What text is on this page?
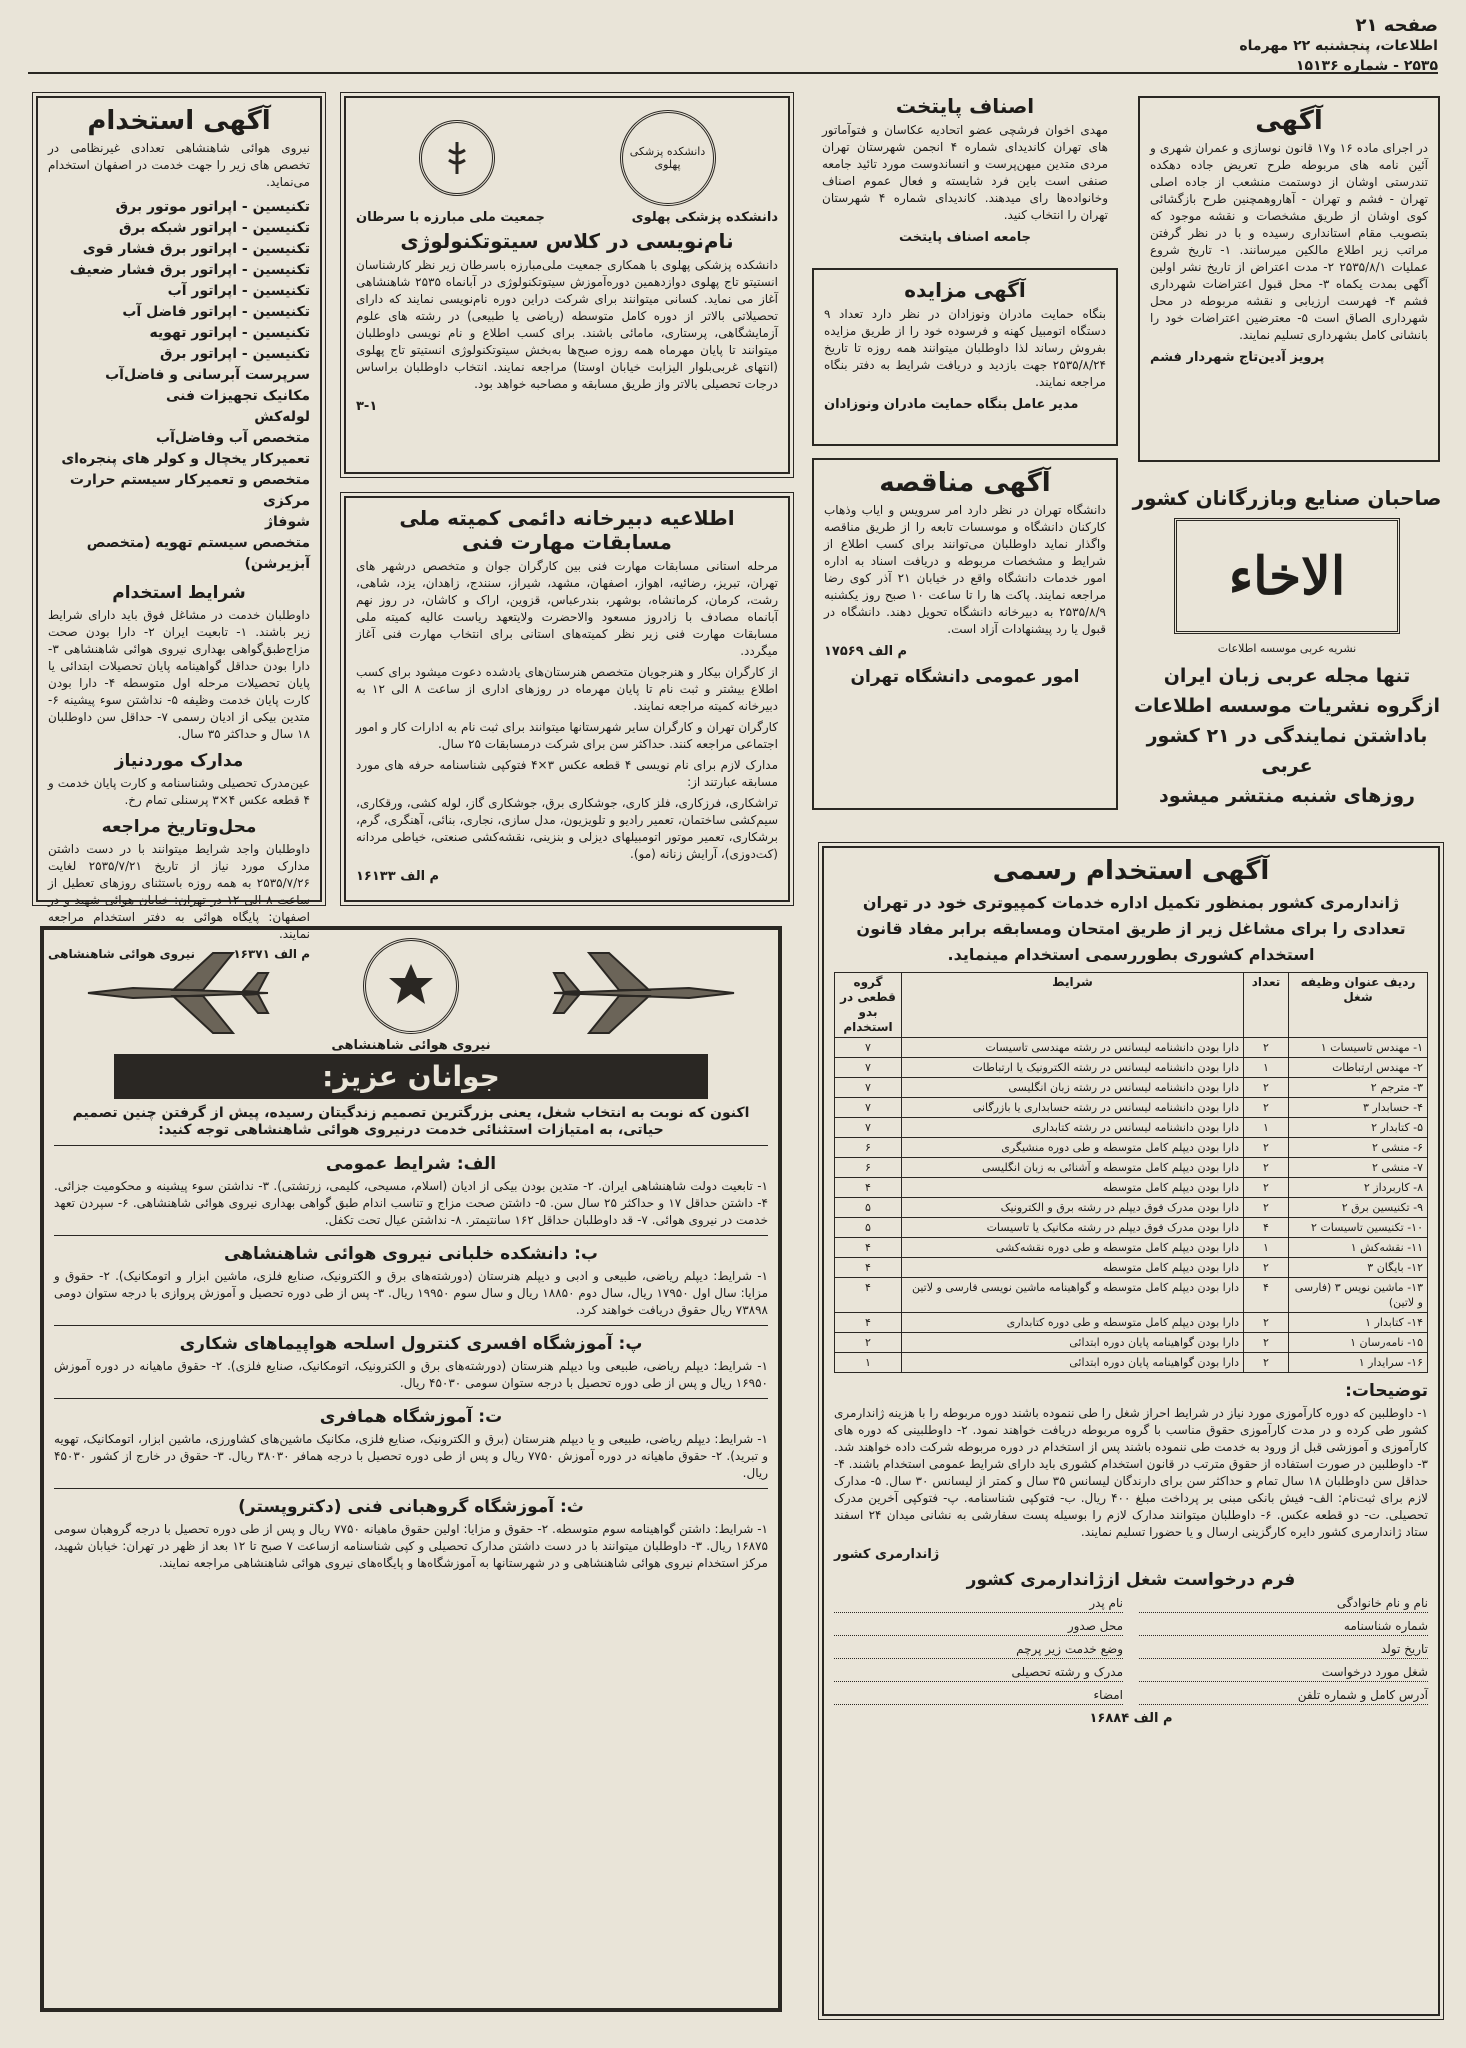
صفحه ۲۱
اطلاعات، پنجشنبه ۲۲ مهرماه
۲۵۳۵ - شماره ۱۵۱۳۶
آگهی

در اجرای ماده ۱۶ و۱۷ قانون نوسازی و عمران شهری و آئین نامه های مربوطه طرح تعریض جاده دهکده تندرستی اوشان از دوستمت منشعب از جاده اصلی تهران - فشم و تهران - آهاروهمچنین طرح بازگشائی کوی اوشان از طریق مشخصات و نقشه موجود که بتصویب مقام استانداری رسیده و با در نظر گرفتن مراتب زیر اطلاع مالکین میرسانند. ۱- تاریخ شروع عملیات ۲۵۳۵/۸/۱ ۲- مدت اعتراض از تاریخ نشر اولین آگهی بمدت یکماه ۳- محل قبول اعتراضات شهرداری فشم ۴- فهرست ارزیابی و نقشه مربوطه در محل شهرداری الصاق است ۵- معترضین اعتراضات خود را بانشانی کامل بشهرداری تسلیم نمایند.

پرویز آدین‌تاج شهردار فشم
صاحبان صنایع وبازرگانان کشور
الاخاء
نشریه عربی موسسه اطلاعات
تنها مجله عربی زبان ایران
ازگروه نشریات موسسه اطلاعات
باداشتن نمایندگی در ۲۱ کشور عربی
روزهای شنبه منتشر میشود
اصناف پایتخت

مهدی اخوان فرشچی عضو اتحادیه عکاسان و فتوآماتور های تهران کاندیدای شماره ۴ انجمن شهرستان تهران مردی متدین میهن‌پرست و انساندوست مورد تائید جامعه صنفی است باین فرد شایسته و فعال عموم اصناف وخانواده‌ها رای میدهند. کاندیدای شماره ۴ شهرستان تهران را انتخاب کنید.

جامعه اصناف پایتخت
آگهی مزایده

بنگاه حمایت مادران ونوزادان در نظر دارد تعداد ۹ دستگاه اتومبیل کهنه و فرسوده خود را از طریق مزایده بفروش رساند لذا داوطلبان میتوانند همه روزه تا تاریخ ۲۵۳۵/۸/۲۴ جهت بازدید و دریافت شرایط به دفتر بنگاه مراجعه نمایند.

مدیر عامل بنگاه حمایت مادران ونوزادان
آگهی مناقصه

دانشگاه تهران در نظر دارد امر سرویس و ایاب وذهاب کارکنان دانشگاه و موسسات تابعه را از طریق مناقصه واگذار نماید داوطلبان می‌توانند برای کسب اطلاع از شرایط و مشخصات مربوطه و دریافت اسناد به اداره امور خدمات دانشگاه واقع در خیابان ۲۱ آذر کوی رضا مراجعه نمایند. پاکت ها را تا ساعت ۱۰ صبح روز یکشنبه ۲۵۳۵/۸/۹ به دبیرخانه دانشگاه تحویل دهند. دانشگاه در قبول یا رد پیشنهادات آزاد است.

م الف ۱۷۵۶۹
امور عمومی دانشگاه تهران
دانشکده پزشکی پهلوی
دانشکده پزشکی پهلوی
جمعیت ملی مبارزه با سرطان
نام‌نویسی در کلاس سیتوتکنولوژی

دانشکده پزشکی پهلوی با همکاری جمعیت ملی‌مبارزه باسرطان زیر نظر کارشناسان انستیتو تاج پهلوی دوازدهمین دوره‌آموزش سیتوتکنولوژی در آبانماه ۲۵۳۵ شاهنشاهی آغاز می نماید. کسانی میتوانند برای شرکت دراین دوره نام‌نویسی نمایند که دارای تحصیلاتی بالاتر از دوره کامل متوسطه (ریاضی یا طبیعی) در رشته های علوم آزمایشگاهی، پرستاری، مامائی باشند. برای کسب اطلاع و نام نویسی داوطلبان میتوانند تا پایان مهرماه همه روزه صبح‌ها به‌بخش سیتوتکنولوژی انستیتو تاج پهلوی (انتهای غربی‌بلوار الیزابت خیابان اوستا) مراجعه نمایند. انتخاب داوطلبان براساس درجات تحصیلی بالاتر واز طریق مسابقه و مصاحبه خواهد بود.

۳-۱
اطلاعیه دبیرخانه دائمی کمیته ملی مسابقات مهارت فنی

مرحله استانی مسابقات مهارت فنی بین کارگران جوان و متخصص درشهر های تهران، تبریز، رضائیه، اهواز، اصفهان، مشهد، شیراز، سنندج، زاهدان، یزد، شاهی، رشت، کرمان، کرمانشاه، بوشهر، بندرعباس، قزوین، اراک و کاشان، در روز نهم آبانماه مصادف با زادروز مسعود والاحضرت ولایتعهد ریاست عالیه کمیته ملی مسابقات مهارت فنی زیر نظر کمیته‌های استانی برای انتخاب مهارت فنی آغاز میگردد.

از کارگران بیکار و هنرجویان متخصص هنرستان‌های یادشده دعوت میشود برای کسب اطلاع بیشتر و ثبت نام تا پایان مهرماه در روزهای اداری از ساعت ۸ الی ۱۲ به دبیرخانه کمیته مراجعه نمایند.

کارگران تهران و کارگران سایر شهرستانها میتوانند برای ثبت نام به ادارات کار و امور اجتماعی مراجعه کنند. حداکثر سن برای شرکت درمسابقات ۲۵ سال.

مدارک لازم برای نام نویسی ۴ قطعه عکس ۳×۴ فتوکپی شناسنامه حرفه های مورد مسابقه عبارتند از:

تراشکاری، فرزکاری، فلز کاری، جوشکاری برق، جوشکاری گاز، لوله کشی، ورقکاری، سیم‌کشی ساختمان، تعمیر رادیو و تلویزیون، مدل سازی، نجاری، بنائی، آهنگری، گرم، برشکاری، تعمیر موتور اتومبیلهای دیزلی و بنزینی، نقشه‌کشی صنعتی، خیاطی مردانه (کت‌دوزی)، آرایش زنانه (مو).

م الف ۱۶۱۳۳
آگهی استخدام

نیروی هوائی شاهنشاهی تعدادی غیرنظامی در تخصص های زیر را جهت خدمت در اصفهان استخدام می‌نماید.

تکنیسین - اپراتور موتور برق
تکنیسین - اپراتور شبکه برق
تکنیسین - اپراتور برق فشار قوی
تکنیسین - اپراتور برق فشار ضعیف
تکنیسین - اپراتور آب
تکنیسین - اپراتور فاضل آب
تکنیسین - اپراتور تهویه
تکنیسین - اپراتور برق
سرپرست آبرسانی و فاضل‌آب
مکانیک تجهیزات فنی
لوله‌کش
متخصص آب وفاضل‌آب
تعمیرکار یخچال و کولر های پنجره‌ای
متخصص و تعمیرکار سیستم حرارت مرکزی
شوفاژ
متخصص سیستم تهویه (متخصص آبزیرشن)
شرایط استخدام

داوطلبان خدمت در مشاغل فوق باید دارای شرایط زیر باشند. ۱- تابعیت ایران ۲- دارا بودن صحت مزاج‌طبق‌گواهی بهداری نیروی هوائی شاهنشاهی ۳- دارا بودن حداقل گواهینامه پایان تحصیلات ابتدائی یا پایان تحصیلات مرحله اول متوسطه ۴- دارا بودن کارت پایان خدمت وظیفه ۵- نداشتن سوء پیشینه ۶- متدین بیکی از ادیان رسمی ۷- حداقل سن داوطلبان ۱۸ سال و حداکثر ۳۵ سال.

مدارک موردنیاز

عین‌مدرک تحصیلی وشناسنامه و کارت پایان خدمت و ۴ قطعه عکس ۴×۳ پرسنلی تمام رخ.

محل‌وتاریخ مراجعه

داوطلبان واجد شرایط میتوانند با در دست داشتن مدارک مورد نیاز از تاریخ ۲۵۳۵/۷/۲۱ لغایت ۲۵۳۵/۷/۲۶ به همه روزه باستثنای روزهای تعطیل از ساعت ۸ الی ۱۲ در تهران: خیابان هوائی شهید و در اصفهان: پایگاه هوائی به دفتر استخدام مراجعه نمایند.

م الف ۱۶۳۷۱
نیروی هوائی شاهنشاهی
نیروی هوائی شاهنشاهی
جوانان عزیز:

اکنون که نوبت به انتخاب شغل، یعنی بزرگترین تصمیم زندگیتان رسیده، پیش از گرفتن چنین تصمیم حیاتی، به امتیازات استثنائی خدمت درنیروی هوائی شاهنشاهی توجه کنید:

الف: شرایط عمومی

۱- تابعیت دولت شاهنشاهی ایران. ۲- متدین بودن بیکی از ادیان (اسلام، مسیحی، کلیمی، زرتشتی). ۳- نداشتن سوء پیشینه و محکومیت جزائی. ۴- داشتن حداقل ۱۷ و حداکثر ۲۵ سال سن. ۵- داشتن صحت مزاج و تناسب اندام طبق گواهی بهداری نیروی هوائی شاهنشاهی. ۶- سپردن تعهد خدمت در نیروی هوائی. ۷- قد داوطلبان حداقل ۱۶۲ سانتیمتر. ۸- نداشتن عیال تحت تکفل.

ب: دانشکده خلبانی نیروی هوائی شاهنشاهی

۱- شرایط: دیپلم ریاضی، طبیعی و ادبی و دیپلم هنرستان (دورشته‌های برق و الکترونیک، صنایع فلزی، ماشین ابزار و اتومکانیک). ۲- حقوق و مزایا: سال اول ۱۷۹۵۰ ریال، سال دوم ۱۸۸۵۰ ریال و سال سوم ۱۹۹۵۰ ریال. ۳- پس از طی دوره تحصیل و آموزش پروازی با درجه ستوان دومی ۷۳۸۹۸ ریال حقوق دریافت خواهند کرد.

پ: آموزشگاه افسری کنترول اسلحه هواپیماهای شکاری

۱- شرایط: دیپلم ریاضی، طبیعی وبا دیپلم هنرستان (دورشته‌های برق و الکترونیک، اتومکانیک، صنایع فلزی). ۲- حقوق ماهیانه در دوره آموزش ۱۶۹۵۰ ریال و پس از طی دوره تحصیل با درجه ستوان سومی ۴۵۰۳۰ ریال.

ت: آموزشگاه همافری

۱- شرایط: دیپلم ریاضی، طبیعی و یا دیپلم هنرستان (برق و الکترونیک، صنایع فلزی، مکانیک ماشین‌های کشاورزی، ماشین ابزار، اتومکانیک، تهویه و تبرید). ۲- حقوق ماهیانه در دوره آموزش ۷۷۵۰ ریال و پس از طی دوره تحصیل با درجه همافر ۳۸۰۳۰ ریال. ۳- حقوق در خارج از کشور ۴۵۰۳۰ ریال.

ث: آموزشگاه گروهبانی فنی (دکتروپستر)

۱- شرایط: داشتن گواهینامه سوم متوسطه. ۲- حقوق و مزایا: اولین حقوق ماهیانه ۷۷۵۰ ریال و پس از طی دوره تحصیل با درجه گروهبان سومی ۱۶۸۷۵ ریال. ۳- داوطلبان میتوانند با در دست داشتن مدارک تحصیلی و کپی شناسنامه ازساعت ۷ صبح تا ۱۲ بعد از ظهر در تهران: خیابان شهید، مرکز استخدام نیروی هوائی شاهنشاهی و در شهرستانها به آموزشگاه‌ها و پایگاه‌های نیروی هوائی شاهنشاهی مراجعه نمایند.

آگهی استخدام رسمی

ژاندارمری کشور بمنظور تکمیل اداره خدمات کمپیوتری خود در تهران تعدادی را برای مشاغل زیر از طریق امتحان ومسابقه برابر مفاد قانون استخدام کشوری بطوررسمی استخدام مینماید.

ردیف عنوان وظیفه شغل	تعداد	شرایط	گروه قطعی در بدو استخدام
۱- مهندس تاسیسات ۱	۲	دارا بودن دانشنامه لیسانس در رشته مهندسی تاسیسات	۷
۲- مهندس ارتباطات	۱	دارا بودن دانشنامه لیسانس در رشته الکترونیک یا ارتباطات	۷
۳- مترجم ۲	۲	دارا بودن دانشنامه لیسانس در رشته زبان انگلیسی	۷
۴- حسابدار ۳	۲	دارا بودن دانشنامه لیسانس در رشته حسابداری یا بازرگانی	۷
۵- کتابدار ۲	۱	دارا بودن دانشنامه لیسانس در رشته کتابداری	۷
۶- منشی ۲	۲	دارا بودن دیپلم کامل متوسطه و طی دوره منشیگری	۶
۷- منشی ۲	۲	دارا بودن دیپلم کامل متوسطه و آشنائی به زبان انگلیسی	۶
۸- کاربرداز ۲	۲	دارا بودن دیپلم کامل متوسطه	۴
۹- تکنیسین برق ۲	۲	دارا بودن مدرک فوق دیپلم در رشته برق و الکترونیک	۵
۱۰- تکنیسین تاسیسات ۲	۴	دارا بودن مدرک فوق دیپلم در رشته مکانیک یا تاسیسات	۵
۱۱- نقشه‌کش ۱	۱	دارا بودن دیپلم کامل متوسطه و طی دوره نقشه‌کشی	۴
۱۲- بایگان ۳	۲	دارا بودن دیپلم کامل متوسطه	۴
۱۳- ماشین نویس ۳ (فارسی و لاتین)	۴	دارا بودن دیپلم کامل متوسطه و گواهینامه ماشین نویسی فارسی و لاتین	۴
۱۴- کتابدار ۱	۲	دارا بودن دیپلم کامل متوسطه و طی دوره کتابداری	۴
۱۵- نامه‌رسان ۱	۲	دارا بودن گواهینامه پایان دوره ابتدائی	۲
۱۶- سرایدار ۱	۲	دارا بودن گواهینامه پایان دوره ابتدائی	۱
توضیحات:

۱- داوطلبین که دوره کارآموزی مورد نیاز در شرایط احراز شغل را طی ننموده باشند دوره مربوطه را با هزینه ژاندارمری کشور طی کرده و در مدت کارآموزی حقوق مناسب با گروه مربوطه دریافت خواهند نمود. ۲- داوطلبینی که دوره های کارآموزی و آموزشی قبل از ورود به خدمت طی ننموده باشند پس از استخدام در دوره مربوطه شرکت داده خواهند شد. ۳- داوطلبین در صورت استفاده از حقوق مترتب در قانون استخدام کشوری باید دارای شرایط عمومی استخدام باشند. ۴- حداقل سن داوطلبان ۱۸ سال تمام و حداکثر سن برای دارندگان لیسانس ۳۵ سال و کمتر از لیسانس ۳۰ سال. ۵- مدارک لازم برای ثبت‌نام: الف- فیش بانکی مبنی بر پرداخت مبلغ ۴۰۰ ریال. ب- فتوکپی شناسنامه. پ- فتوکپی آخرین مدرک تحصیلی. ت- دو قطعه عکس. ۶- داوطلبان میتوانند مدارک لازم را بوسیله پست سفارشی به نشانی میدان ۲۴ اسفند ستاد ژاندارمری کشور دایره کارگزینی ارسال و یا حضورا تسلیم نمایند.

ژاندارمری کشور
فرم درخواست شغل ازژاندارمری کشور
نام و نام خانوادگی
نام پدر
شماره شناسنامه
محل صدور
تاریخ تولد
وضع خدمت زیر پرچم
شغل مورد درخواست
مدرک و رشته تحصیلی
آدرس کامل و شماره تلفن
امضاء
م الف ۱۶۸۸۴
